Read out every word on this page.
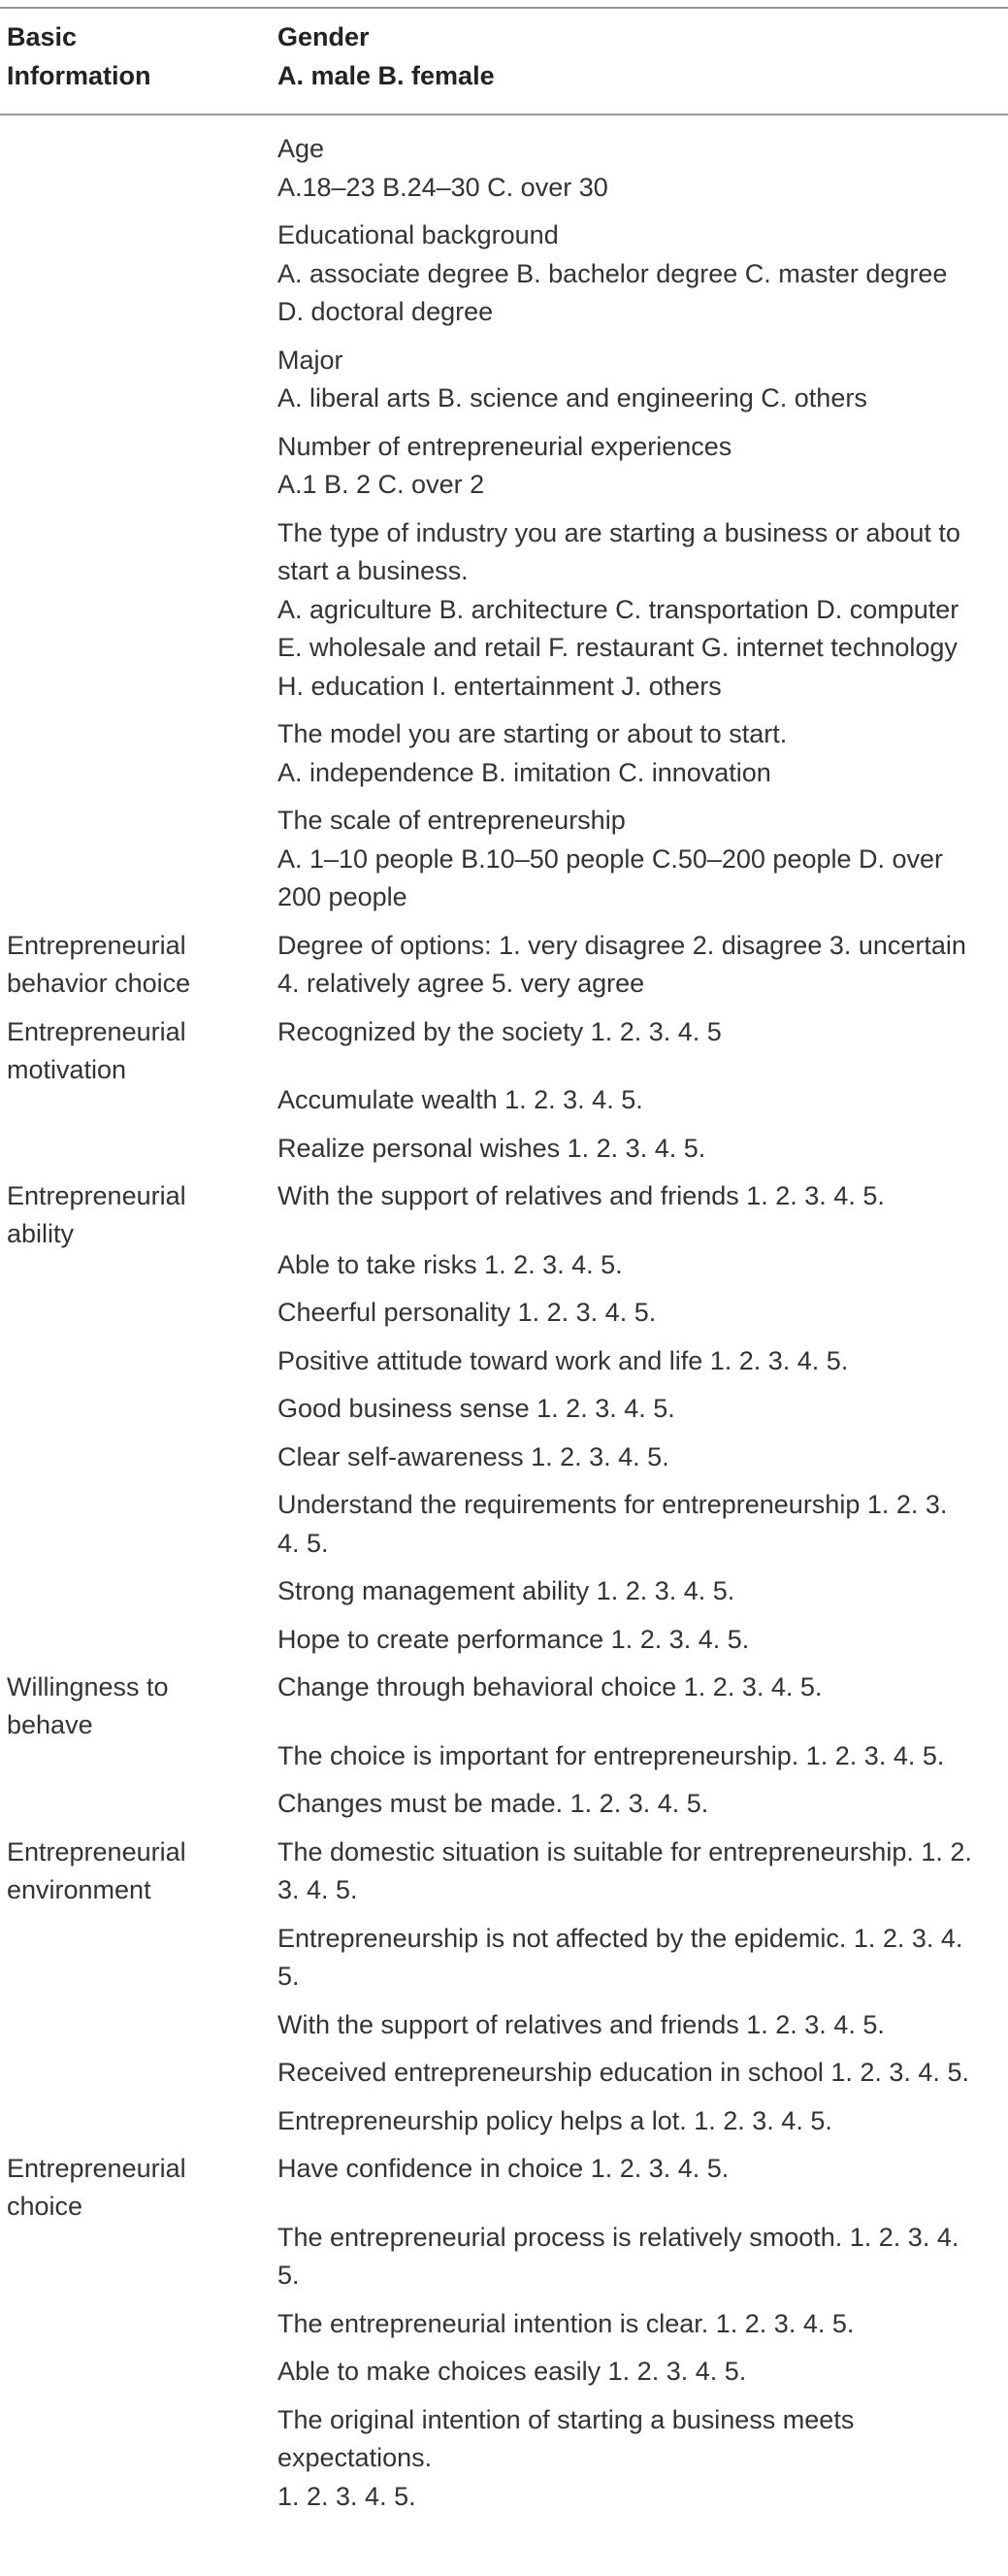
Basic
Information
Gender
A. male B. female
Age
A.18–23 B.24–30 C. over 30
Educational background
A. associate degree B. bachelor degree C. master degree
D. doctoral degree
Major
A. liberal arts B. science and engineering C. others
Number of entrepreneurial experiences
A.1 B. 2 C. over 2
The type of industry you are starting a business or about to
start a business.
A. agriculture B. architecture C. transportation D. computer
E. wholesale and retail F. restaurant G. internet technology
H. education I. entertainment J. others
The model you are starting or about to start.
A. independence B. imitation C. innovation
The scale of entrepreneurship
A. 1–10 people B.10–50 people C.50–200 people D. over
200 people
Entrepreneurial
behavior choice
Degree of options: 1. very disagree 2. disagree 3. uncertain
4. relatively agree 5. very agree
Entrepreneurial
motivation
Recognized by the society 1. 2. 3. 4. 5
Accumulate wealth 1. 2. 3. 4. 5.
Realize personal wishes 1. 2. 3. 4. 5.
Entrepreneurial
ability
With the support of relatives and friends 1. 2. 3. 4. 5.
Able to take risks 1. 2. 3. 4. 5.
Cheerful personality 1. 2. 3. 4. 5.
Positive attitude toward work and life 1. 2. 3. 4. 5.
Good business sense 1. 2. 3. 4. 5.
Clear self-awareness 1. 2. 3. 4. 5.
Understand the requirements for entrepreneurship 1. 2. 3.
4. 5.
Strong management ability 1. 2. 3. 4. 5.
Hope to create performance 1. 2. 3. 4. 5.
Willingness to
behave
Change through behavioral choice 1. 2. 3. 4. 5.
The choice is important for entrepreneurship. 1. 2. 3. 4. 5.
Changes must be made. 1. 2. 3. 4. 5.
Entrepreneurial
environment
The domestic situation is suitable for entrepreneurship. 1. 2.
3. 4. 5.
Entrepreneurship is not affected by the epidemic. 1. 2. 3. 4.
5.
With the support of relatives and friends 1. 2. 3. 4. 5.
Received entrepreneurship education in school 1. 2. 3. 4. 5.
Entrepreneurship policy helps a lot. 1. 2. 3. 4. 5.
Entrepreneurial
choice
Have confidence in choice 1. 2. 3. 4. 5.
The entrepreneurial process is relatively smooth. 1. 2. 3. 4.
5.
The entrepreneurial intention is clear. 1. 2. 3. 4. 5.
Able to make choices easily 1. 2. 3. 4. 5.
The original intention of starting a business meets
expectations.
1. 2. 3. 4. 5.
